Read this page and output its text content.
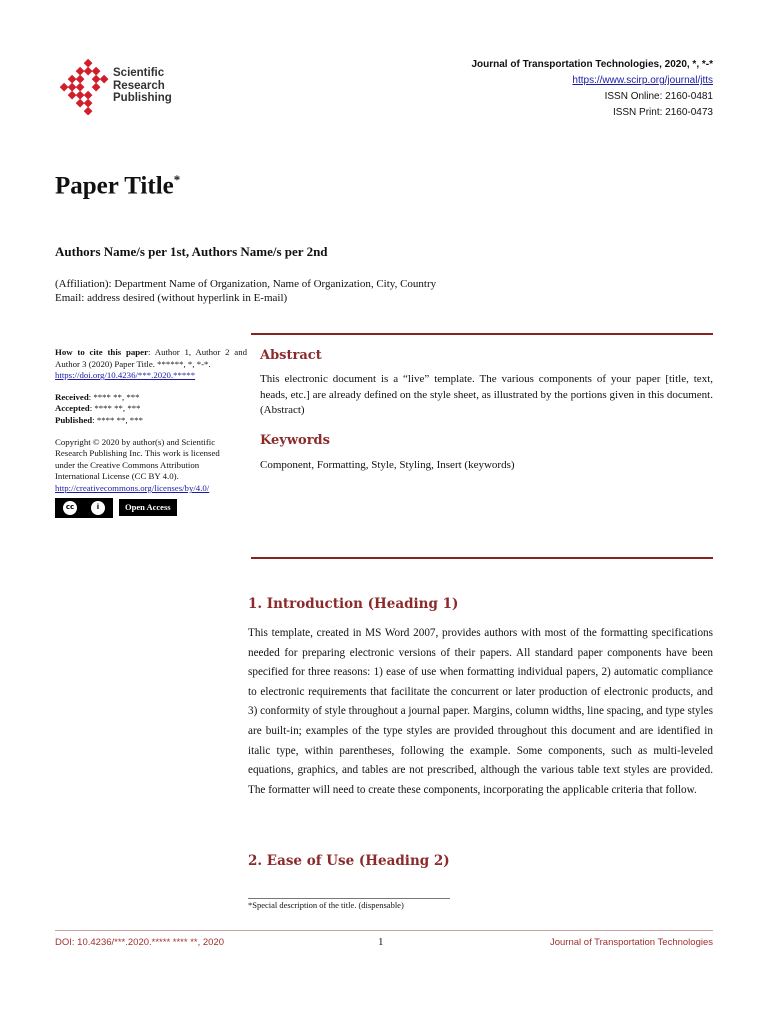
Scientific
Research
Publishing
Journal of Transportation Technologies, 2020, *, *-*
https://www.scirp.org/journal/jtts
ISSN Online: 2160-0481
ISSN Print: 2160-0473
Paper Title*
Authors Name/s per 1st, Authors Name/s per 2nd
(Affiliation): Department Name of Organization, Name of Organization, City, Country
Email: address desired (without hyperlink in E-mail)
How to cite this paper: Author 1, Author 2 and Author 3 (2020) Paper Title. ******, *, *-*.
https://doi.org/10.4236/***.2020.*****
Received: **** **, ***
Accepted: **** **, ***
Published: **** **, ***
Copyright © 2020 by author(s) and Scientific Research Publishing Inc. This work is licensed under the Creative Commons Attribution International License (CC BY 4.0).
http://creativecommons.org/licenses/by/4.0/
cc	i	Open Access
Abstract
This electronic document is a “live” template. The various components of your paper [title, text, heads, etc.] are already defined on the style sheet, as illustrated by the portions given in this document. (Abstract)
Keywords
Component, Formatting, Style, Styling, Insert (keywords)
1. Introduction (Heading 1)
This template, created in MS Word 2007, provides authors with most of the formatting specifications needed for preparing electronic versions of their papers. All standard paper components have been specified for three reasons: 1) ease of use when formatting individual papers, 2) automatic compliance to electronic requirements that facilitate the concurrent or later production of electronic products, and 3) conformity of style throughout a journal paper. Margins, column widths, line spacing, and type styles are built-in; examples of the type styles are provided throughout this document and are identified in italic type, within parentheses, following the example. Some components, such as multi-leveled equations, graphics, and tables are not prescribed, although the various table text styles are provided. The formatter will need to create these components, incorporating the applicable criteria that follow.
2. Ease of Use (Heading 2)
*Special description of the title. (dispensable)
DOI: 10.4236/***.2020.***** **** **, 2020	1	Journal of Transportation Technologies
